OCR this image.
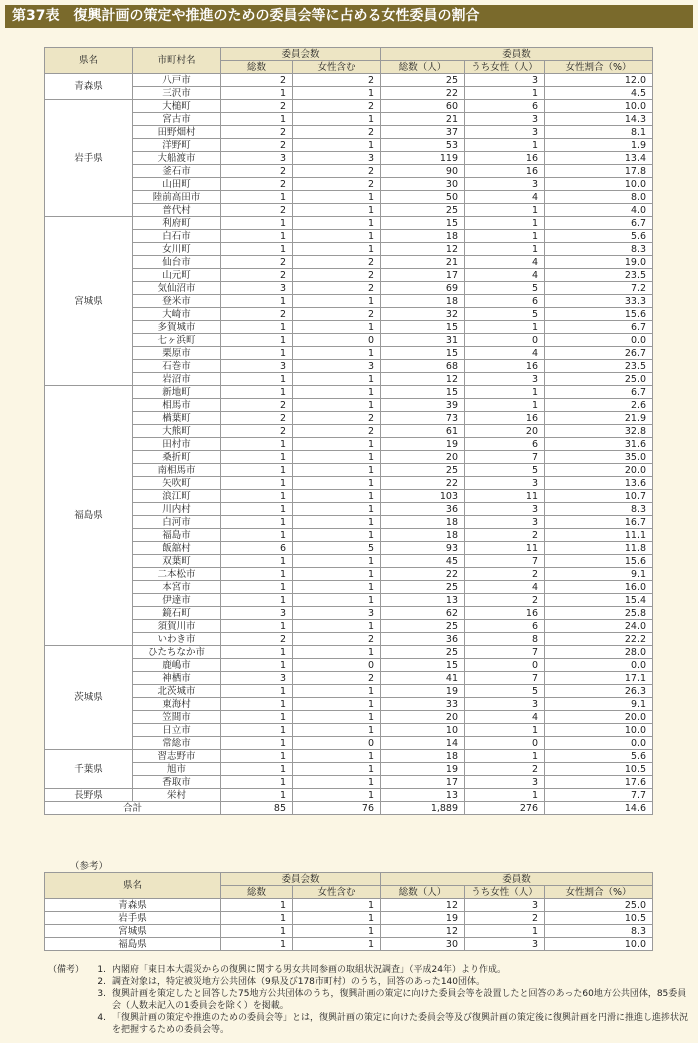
第37表　復興計画の策定や推進のための委員会等に占める女性委員の割合
県名	市町村名	委員会数		委員数		
		総数	女性含む	総数（人）	うち女性（人）	女性割合（%）
青森県	八戸市	2	2	25	3	12.0
	三沢市	1	1	22	1	4.5
岩手県	大槌町	2	2	60	6	10.0
	宮古市	1	1	21	3	14.3
	田野畑村	2	2	37	3	8.1
	洋野町	2	1	53	1	1.9
	大船渡市	3	3	119	16	13.4
	釜石市	2	2	90	16	17.8
	山田町	2	2	30	3	10.0
	陸前高田市	1	1	50	4	8.0
	普代村	2	1	25	1	4.0
宮城県	利府町	1	1	15	1	6.7
	白石市	1	1	18	1	5.6
	女川町	1	1	12	1	8.3
	仙台市	2	2	21	4	19.0
	山元町	2	2	17	4	23.5
	気仙沼市	3	2	69	5	7.2
	登米市	1	1	18	6	33.3
	大崎市	2	2	32	5	15.6
	多賀城市	1	1	15	1	6.7
	七ヶ浜町	1	0	31	0	0.0
	栗原市	1	1	15	4	26.7
	石巻市	3	3	68	16	23.5
	岩沼市	1	1	12	3	25.0
福島県	新地町	1	1	15	1	6.7
	相馬市	2	1	39	1	2.6
	楢葉町	2	2	73	16	21.9
	大熊町	2	2	61	20	32.8
	田村市	1	1	19	6	31.6
	桑折町	1	1	20	7	35.0
	南相馬市	1	1	25	5	20.0
	矢吹町	1	1	22	3	13.6
	浪江町	1	1	103	11	10.7
	川内村	1	1	36	3	8.3
	白河市	1	1	18	3	16.7
	福島市	1	1	18	2	11.1
	飯舘村	6	5	93	11	11.8
	双葉町	1	1	45	7	15.6
	二本松市	1	1	22	2	9.1
	本宮市	1	1	25	4	16.0
	伊達市	1	1	13	2	15.4
	鏡石町	3	3	62	16	25.8
	須賀川市	1	1	25	6	24.0
	いわき市	2	2	36	8	22.2
茨城県	ひたちなか市	1	1	25	7	28.0
	鹿嶋市	1	0	15	0	0.0
	神栖市	3	2	41	7	17.1
	北茨城市	1	1	19	5	26.3
	東海村	1	1	33	3	9.1
	笠間市	1	1	20	4	20.0
	日立市	1	1	10	1	10.0
	常総市	1	0	14	0	0.0
千葉県	習志野市	1	1	18	1	5.6
	旭市	1	1	19	2	10.5
	香取市	1	1	17	3	17.6
長野県	栄村	1	1	13	1	7.7
合計		85	76	1,889	276	14.6
（参考）
県名	委員会数		委員数		
	総数	女性含む	総数（人）	うち女性（人）	女性割合（%）
青森県	1	1	12	3	25.0
岩手県	1	1	19	2	10.5
宮城県	1	1	12	1	8.3
福島県	1	1	30	3	10.0
（備考）	1. 内閣府「東日本大震災からの復興に関する男女共同参画の取組状況調査」（平成24年）より作成。
2. 調査対象は，特定被災地方公共団体（9県及び178市町村）のうち，回答のあった140団体。
3. 復興計画を策定したと回答した75地方公共団体のうち，復興計画の策定に向けた委員会等を設置したと回答のあった60地方公共団体，85委員会（人数未記入の1委員会を除く）を掲載。
4. 「復興計画の策定や推進のための委員会等」とは，復興計画の策定に向けた委員会等及び復興計画の策定後に復興計画を円滑に推進し進捗状況を把握するための委員会等。
